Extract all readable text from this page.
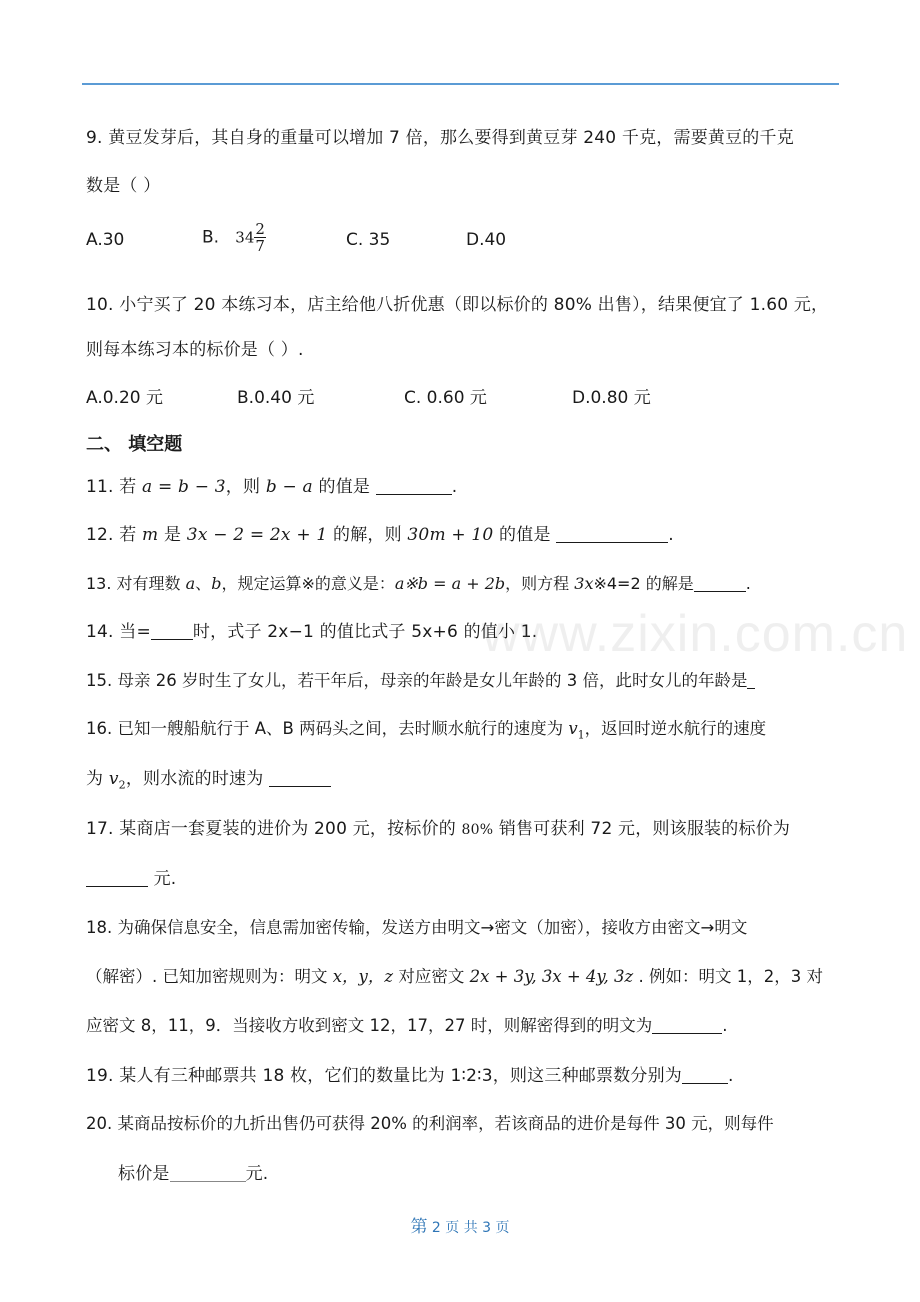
9. 黄豆发芽后，其自身的重量可以增加 7 倍，那么要得到黄豆芽 240 千克，需要黄豆的千克
数是（ ）
A.30	B. $34 \frac{2}{7}$	C. 35	D.40
10. 小宁买了 20 本练习本，店主给他八折优惠（即以标价的 80% 出售），结果便宜了 1.60 元，
则每本练习本的标价是（ ）.
A.0.20 元	B.0.40 元	C. 0.60 元	D.0.80 元
二、 填空题
11. 若 a = b − 3，则 b − a 的值是	.
12. 若 m 是 3x − 2 = 2x + 1 的解，则 30m + 10 的值是	.
13. 对有理数 a、b，规定运算※的意义是：a※b = a + 2b，则方程 3x※4=2 的解是	.
14. 当= 时，式子 2x−1 的值比式子 5x+6 的值小 1.
www.zixin.com.cn
15. 母亲 26 岁时生了女儿，若干年后，母亲的年龄是女儿年龄的 3 倍，此时女儿的年龄是
16. 已知一艘船航行于 A、B 两码头之间，去时顺水航行的速度为 $v_1$，返回时逆水航行的速度
为 $v_2$，则水流的时速为
17. 某商店一套夏装的进价为 200 元，按标价的 80% 销售可获利 72 元，则该服装的标价为
元.
18. 为确保信息安全，信息需加密传输，发送方由明文→密文（加密），接收方由密文→明文
（解密）. 已知加密规则为：明文 x，y，z 对应密文 2x + 3y, 3x + 4y, 3z . 例如：明文 1，2，3 对
应密文 8，11，9．当接收方收到密文 12，17，27 时，则解密得到的明文为	.
19. 某人有三种邮票共 18 枚，它们的数量比为 1∶2∶3，则这三种邮票数分别为	.
20. 某商品按标价的九折出售仍可获得 20% 的利润率，若该商品的进价是每件 30 元，则每件
标价是	元.
第 2 页 共 3 页
